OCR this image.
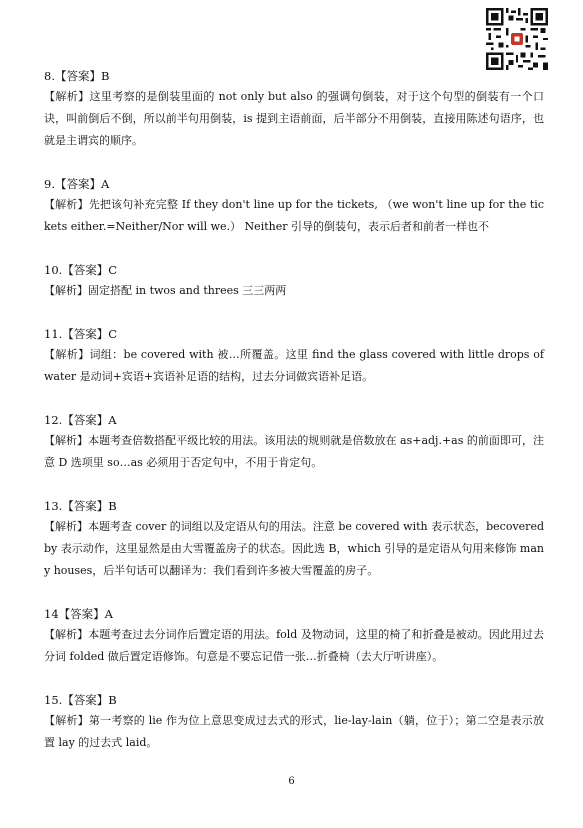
8.【答案】B
【解析】这里考察的是倒装里面的 not only but also 的强调句倒装，对于这个句型的倒装有一个口诀，叫前倒后不倒，所以前半句用倒装，is 提到主语前面，后半部分不用倒装，直接用陈述句语序，也就是主谓宾的顺序。
9.【答案】A
【解析】先把该句补充完整 If they don't line up for the tickets, （we won't line up for the tickets either.=Neither/Nor will we.） Neither 引导的倒装句，表示后者和前者一样也不
10.【答案】C
【解析】固定搭配 in twos and threes 三三两两
11.【答案】C
【解析】词组：be covered with 被…所覆盖。这里 find the glass covered with little drops of water 是动词+宾语+宾语补足语的结构，过去分词做宾语补足语。
12.【答案】A
【解析】本题考查倍数搭配平级比较的用法。该用法的规则就是倍数放在 as+adj.+as 的前面即可，注意 D 选项里 so…as 必须用于否定句中，不用于肯定句。
13.【答案】B
【解析】本题考查 cover 的词组以及定语从句的用法。注意 be covered with 表示状态，becovered by 表示动作，这里显然是由大雪覆盖房子的状态。因此选 B，which 引导的是定语从句用来修饰 many houses，后半句话可以翻译为：我们看到许多被大雪覆盖的房子。
14【答案】A
【解析】本题考查过去分词作后置定语的用法。fold 及物动词，这里的椅了和折叠是被动。因此用过去分词 folded 做后置定语修饰。句意是不要忘记借一张…折叠椅（去大厅听讲座）。
15.【答案】B
【解析】第一考察的 lie 作为位上意思变成过去式的形式，lie-lay-lain（躺，位于）；第二空是表示放置 lay 的过去式 laid。
6
